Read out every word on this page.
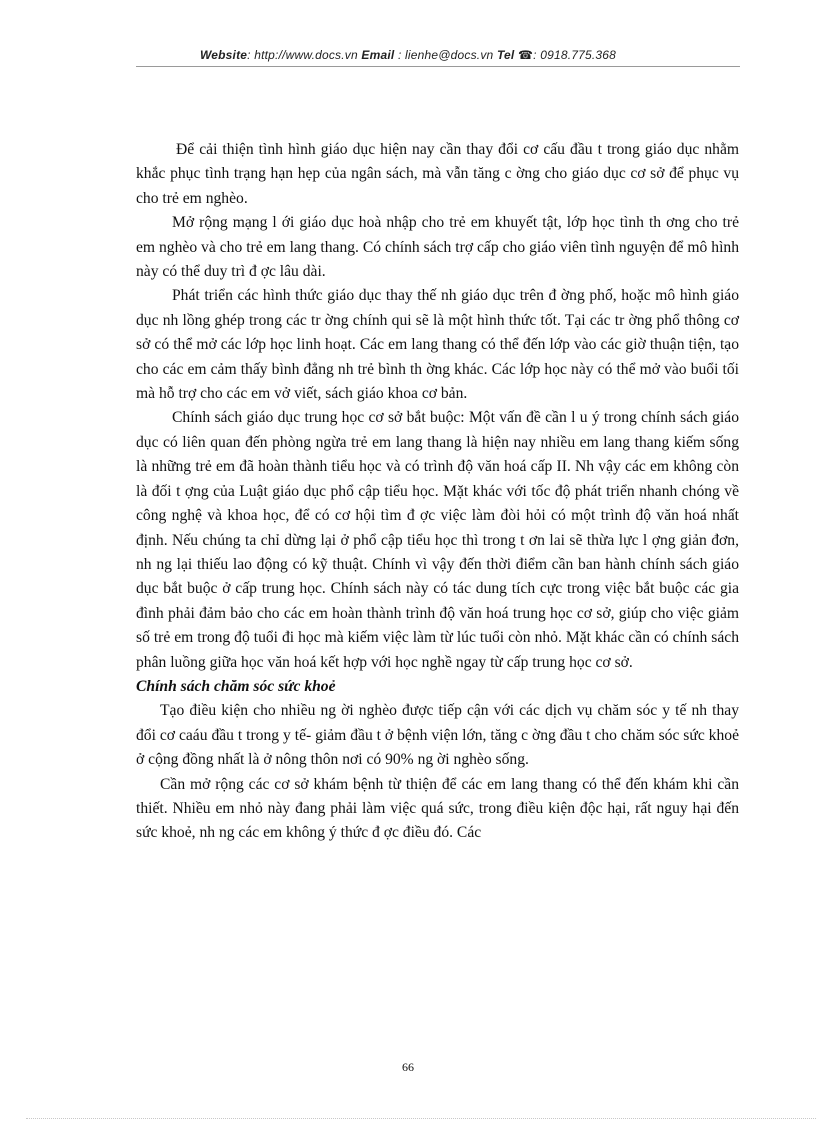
Website: http://www.docs.vn Email : lienhe@docs.vn Tel ☎: 0918.775.368

Để cải thiện tình hình giáo dục hiện nay cần thay đổi cơ cấu đầu t trong giáo dục nhằm khắc phục tình trạng hạn hẹp của ngân sách, mà vẫn tăng c ờng cho giáo dục cơ sở để phục vụ cho trẻ em nghèo.

Mở rộng mạng l ới giáo dục hoà nhập cho trẻ em khuyết tật, lớp học tình th ơng cho trẻ em nghèo và cho trẻ em lang thang. Có chính sách trợ cấp cho giáo viên tình nguyện để mô hình này có thể duy trì đ ợc lâu dài.

Phát triển các hình thức giáo dục thay thế nh giáo dục trên đ ờng phố, hoặc mô hình giáo dục nh lồng ghép trong các tr ờng chính qui sẽ là một hình thức tốt. Tại các tr ờng phổ thông cơ sở có thể mở các lớp học linh hoạt. Các em lang thang có thể đến lớp vào các giờ thuận tiện, tạo cho các em cảm thấy bình đẳng nh trẻ bình th ờng khác. Các lớp học này có thể mở vào buổi tối mà hỗ trợ cho các em vở viết, sách giáo khoa cơ bản.

Chính sách giáo dục trung học cơ sở bắt buộc: Một vấn đề cần l u ý trong chính sách giáo dục có liên quan đến phòng ngừa trẻ em lang thang là hiện nay nhiều em lang thang kiếm sống là những trẻ em đã hoàn thành tiểu học và có trình độ văn hoá cấp II. Nh vậy các em không còn là đối t ợng của Luật giáo dục phổ cập tiểu học. Mặt khác với tốc độ phát triển nhanh chóng về công nghệ và khoa học, để có cơ hội tìm đ ợc việc làm đòi hỏi có một trình độ văn hoá nhất định. Nếu chúng ta chỉ dừng lại ở phổ cập tiểu học thì trong t ơn lai sẽ thừa lực l ợng giản đơn, nh ng lại thiếu lao động có kỹ thuật. Chính vì vậy đến thời điểm cần ban hành chính sách giáo dục bắt buộc ở cấp trung học. Chính sách này có tác dung tích cực trong việc bắt buộc các gia đình phải đảm bảo cho các em hoàn thành trình độ văn hoá trung học cơ sở, giúp cho việc giảm số trẻ em trong độ tuổi đi học mà kiếm việc làm từ lúc tuổi còn nhỏ. Mặt khác cần có chính sách phân luồng giữa học văn hoá kết hợp với học nghề ngay từ cấp trung học cơ sở.

Chính sách chăm sóc sức khoẻ

Tạo điều kiện cho nhiều ng ời nghèo được tiếp cận với các dịch vụ chăm sóc y tế nh thay đổi cơ caáu đầu t trong y tế- giảm đầu t ở bệnh viện lớn, tăng c ờng đầu t cho chăm sóc sức khoẻ ở cộng đồng nhất là ở nông thôn nơi có 90% ng ời nghèo sống.

Cần mở rộng các cơ sở khám bệnh từ thiện để các em lang thang có thể đến khám khi cần thiết. Nhiều em nhỏ này đang phải làm việc quá sức, trong điều kiện độc hại, rất nguy hại đến sức khoẻ, nh ng các em không ý thức đ ợc điều đó. Các

66
